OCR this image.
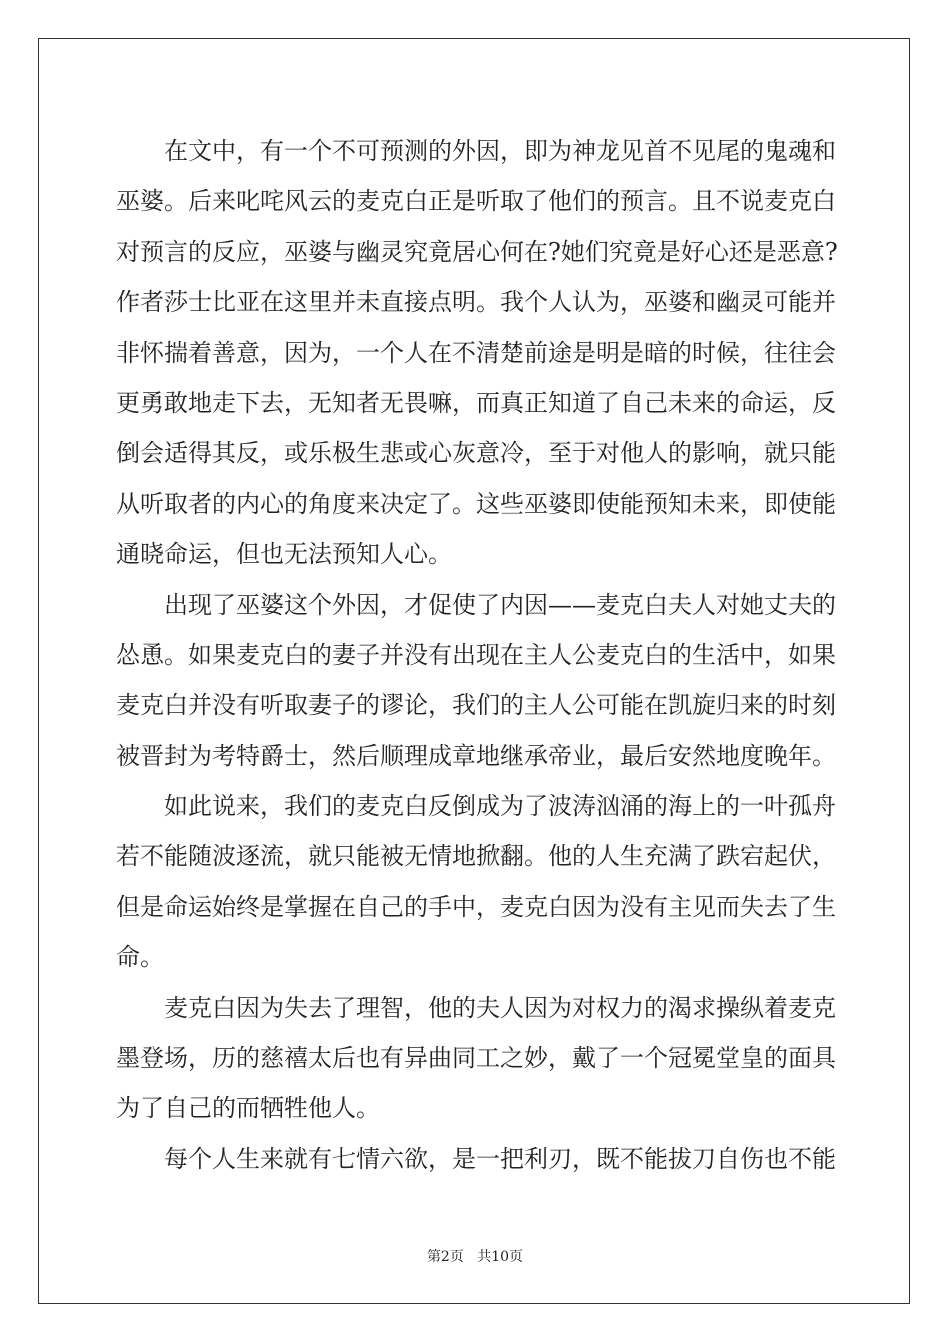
在文中，有一个不可预测的外因，即为神龙见首不见尾的鬼魂和
巫婆。后来叱咤风云的麦克白正是听取了他们的预言。且不说麦克白
对预言的反应，巫婆与幽灵究竟居心何在?她们究竟是好心还是恶意?
作者莎士比亚在这里并未直接点明。我个人认为，巫婆和幽灵可能并
非怀揣着善意，因为，一个人在不清楚前途是明是暗的时候，往往会
更勇敢地走下去，无知者无畏嘛，而真正知道了自己未来的命运，反
倒会适得其反，或乐极生悲或心灰意冷，至于对他人的影响，就只能
从听取者的内心的角度来决定了。这些巫婆即使能预知未来，即使能
通晓命运，但也无法预知人心。
出现了巫婆这个外因，才促使了内因——麦克白夫人对她丈夫的
怂恿。如果麦克白的妻子并没有出现在主人公麦克白的生活中，如果
麦克白并没有听取妻子的谬论，我们的主人公可能在凯旋归来的时刻
被晋封为考特爵士，然后顺理成章地继承帝业，最后安然地度晚年。
如此说来，我们的麦克白反倒成为了波涛汹涌的海上的一叶孤舟
若不能随波逐流，就只能被无情地掀翻。他的人生充满了跌宕起伏，
但是命运始终是掌握在自己的手中，麦克白因为没有主见而失去了生
命。
麦克白因为失去了理智，他的夫人因为对权力的渴求操纵着麦克
墨登场，历的慈禧太后也有异曲同工之妙，戴了一个冠冕堂皇的面具
为了自己的而牺牲他人。
每个人生来就有七情六欲，是一把利刃，既不能拔刀自伤也不能
第2页 共10页
